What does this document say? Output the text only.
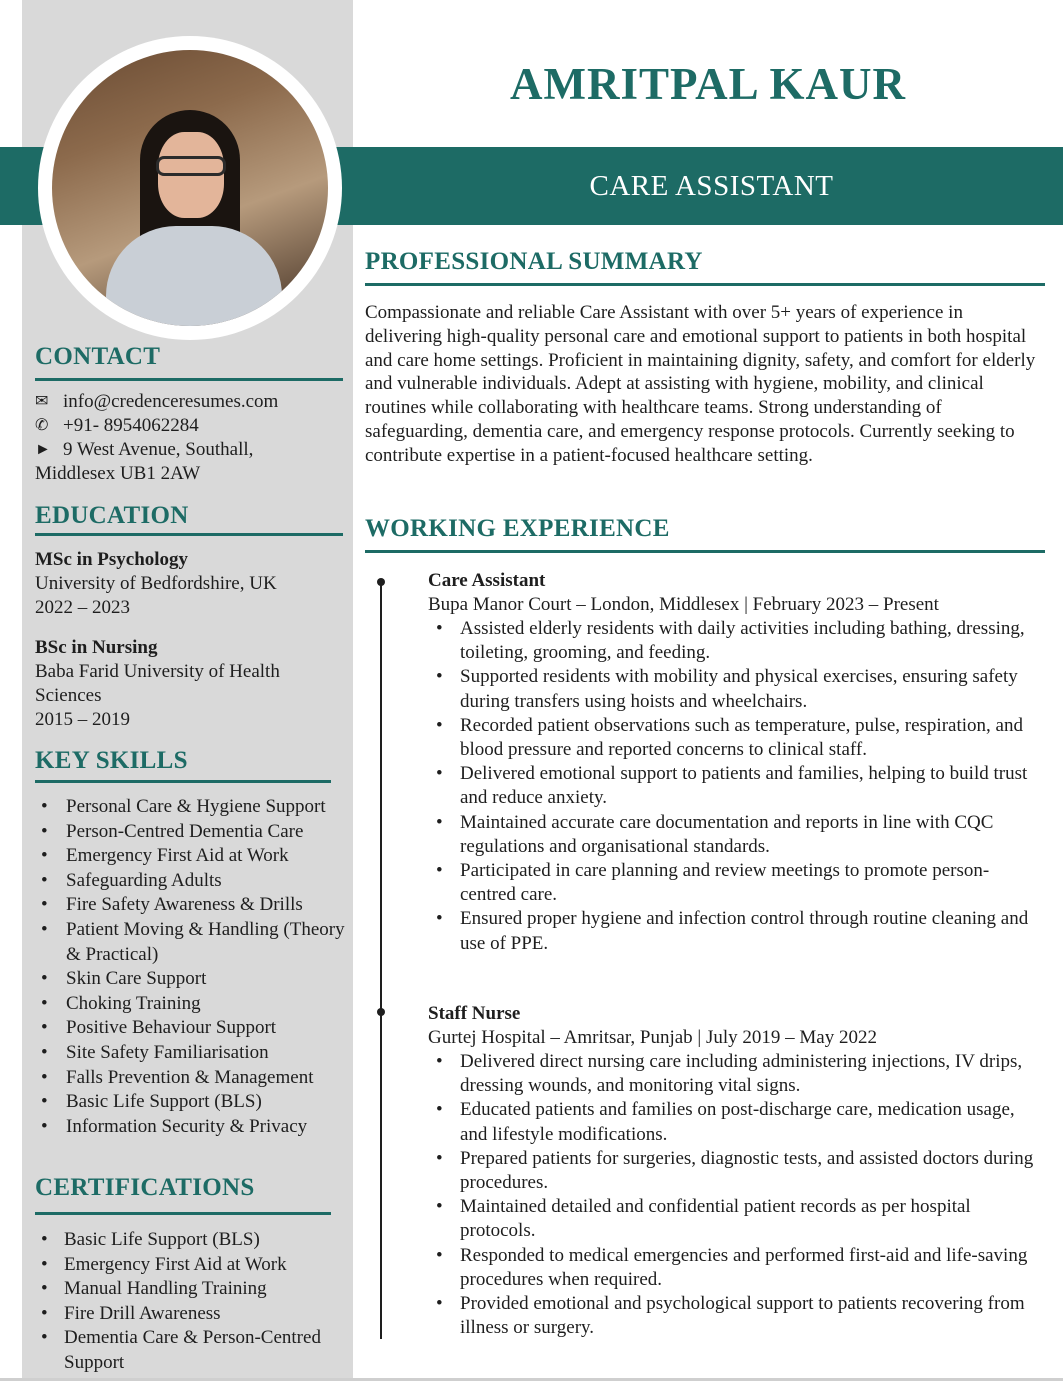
CARE ASSISTANT
AMRITPAL KAUR
CONTACT
✉ info@credenceresumes.com
✆ +91- 8954062284
► 9 West Avenue, Southall,
Middlesex UB1 2AW
EDUCATION
MSc in Psychology
University of Bedfordshire, UK
2022 – 2023
BSc in Nursing
Baba Farid University of Health Sciences
2015 – 2019
KEY SKILLS
• Personal Care & Hygiene Support
• Person-Centred Dementia Care
• Emergency First Aid at Work
• Safeguarding Adults
• Fire Safety Awareness & Drills
• Patient Moving & Handling (Theory & Practical)
• Skin Care Support
• Choking Training
• Positive Behaviour Support
• Site Safety Familiarisation
• Falls Prevention & Management
• Basic Life Support (BLS)
• Information Security & Privacy
CERTIFICATIONS
• Basic Life Support (BLS)
• Emergency First Aid at Work
• Manual Handling Training
• Fire Drill Awareness
• Dementia Care & Person-Centred Support
PROFESSIONAL SUMMARY
Compassionate and reliable Care Assistant with over 5+ years of experience in delivering high-quality personal care and emotional support to patients in both hospital and care home settings. Proficient in maintaining dignity, safety, and comfort for elderly and vulnerable individuals. Adept at assisting with hygiene, mobility, and clinical routines while collaborating with healthcare teams. Strong understanding of safeguarding, dementia care, and emergency response protocols. Currently seeking to contribute expertise in a patient-focused healthcare setting.
WORKING EXPERIENCE
Care Assistant
Bupa Manor Court – London, Middlesex | February 2023 – Present
• Assisted elderly residents with daily activities including bathing, dressing, toileting, grooming, and feeding.
• Supported residents with mobility and physical exercises, ensuring safety during transfers using hoists and wheelchairs.
• Recorded patient observations such as temperature, pulse, respiration, and blood pressure and reported concerns to clinical staff.
• Delivered emotional support to patients and families, helping to build trust and reduce anxiety.
• Maintained accurate care documentation and reports in line with CQC regulations and organisational standards.
• Participated in care planning and review meetings to promote person-centred care.
• Ensured proper hygiene and infection control through routine cleaning and use of PPE.
Staff Nurse
Gurtej Hospital – Amritsar, Punjab | July 2019 – May 2022
• Delivered direct nursing care including administering injections, IV drips, dressing wounds, and monitoring vital signs.
• Educated patients and families on post-discharge care, medication usage, and lifestyle modifications.
• Prepared patients for surgeries, diagnostic tests, and assisted doctors during procedures.
• Maintained detailed and confidential patient records as per hospital protocols.
• Responded to medical emergencies and performed first-aid and life-saving procedures when required.
• Provided emotional and psychological support to patients recovering from illness or surgery.
